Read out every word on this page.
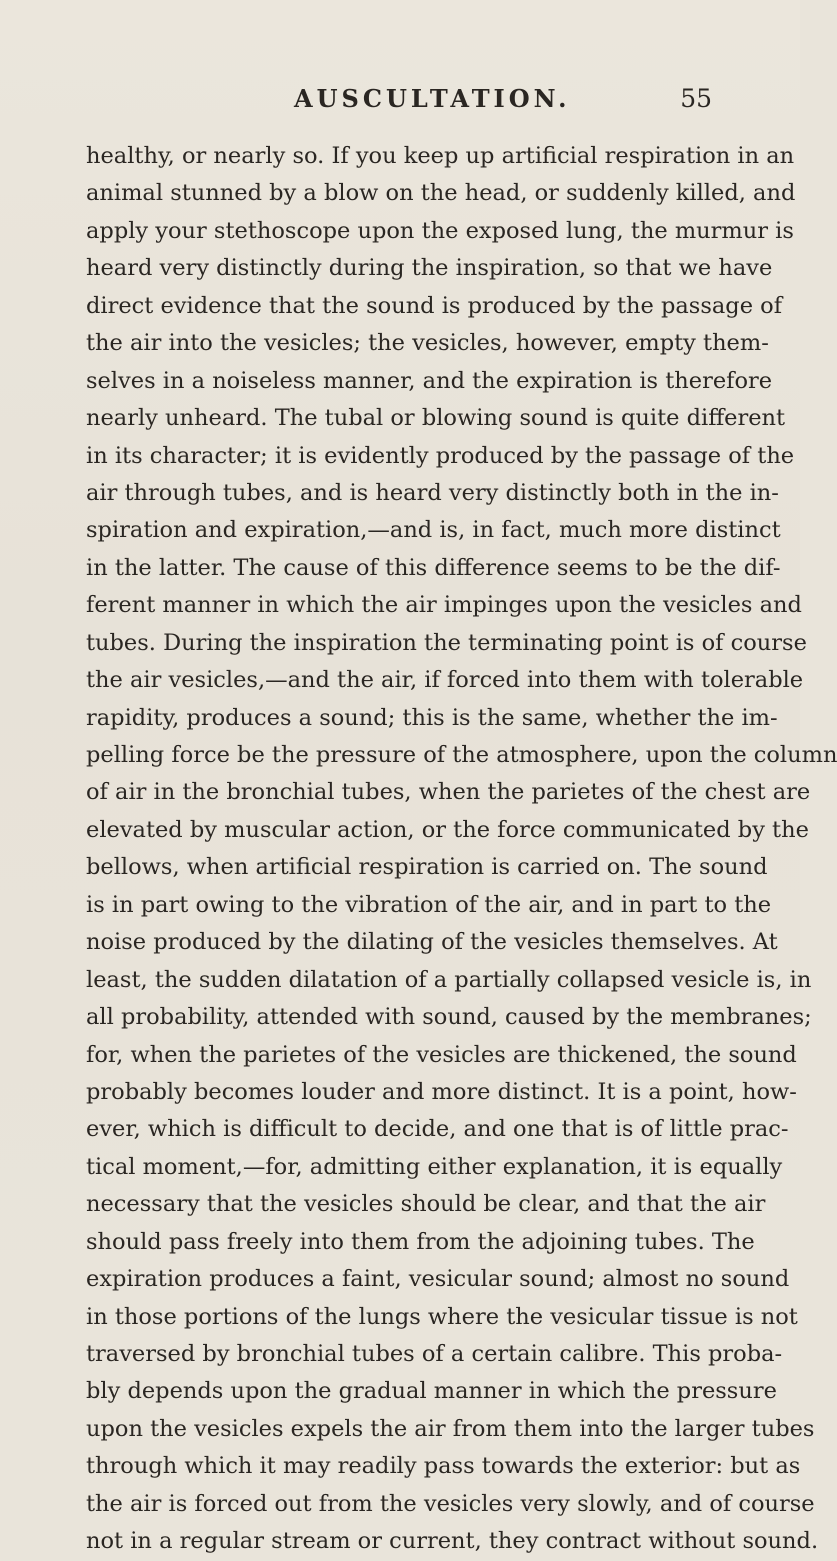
AUSCULTATION.	55
healthy, or nearly so. If you keep up artificial respiration in an
animal stunned by a blow on the head, or suddenly killed, and
apply your stethoscope upon the exposed lung, the murmur is
heard very distinctly during the inspiration, so that we have
direct evidence that the sound is produced by the passage of
the air into the vesicles; the vesicles, however, empty them-
selves in a noiseless manner, and the expiration is therefore
nearly unheard. The tubal or blowing sound is quite different
in its character; it is evidently produced by the passage of the
air through tubes, and is heard very distinctly both in the in-
spiration and expiration,—and is, in fact, much more distinct
in the latter. The cause of this difference seems to be the dif-
ferent manner in which the air impinges upon the vesicles and
tubes. During the inspiration the terminating point is of course
the air vesicles,—and the air, if forced into them with tolerable
rapidity, produces a sound; this is the same, whether the im-
pelling force be the pressure of the atmosphere, upon the column
of air in the bronchial tubes, when the parietes of the chest are
elevated by muscular action, or the force communicated by the
bellows, when artificial respiration is carried on. The sound
is in part owing to the vibration of the air, and in part to the
noise produced by the dilating of the vesicles themselves. At
least, the sudden dilatation of a partially collapsed vesicle is, in
all probability, attended with sound, caused by the membranes;
for, when the parietes of the vesicles are thickened, the sound
probably becomes louder and more distinct. It is a point, how-
ever, which is difficult to decide, and one that is of little prac-
tical moment,—for, admitting either explanation, it is equally
necessary that the vesicles should be clear, and that the air
should pass freely into them from the adjoining tubes. The
expiration produces a faint, vesicular sound; almost no sound
in those portions of the lungs where the vesicular tissue is not
traversed by bronchial tubes of a certain calibre. This proba-
bly depends upon the gradual manner in which the pressure
upon the vesicles expels the air from them into the larger tubes
through which it may readily pass towards the exterior: but as
the air is forced out from the vesicles very slowly, and of course
not in a regular stream or current, they contract without sound.
